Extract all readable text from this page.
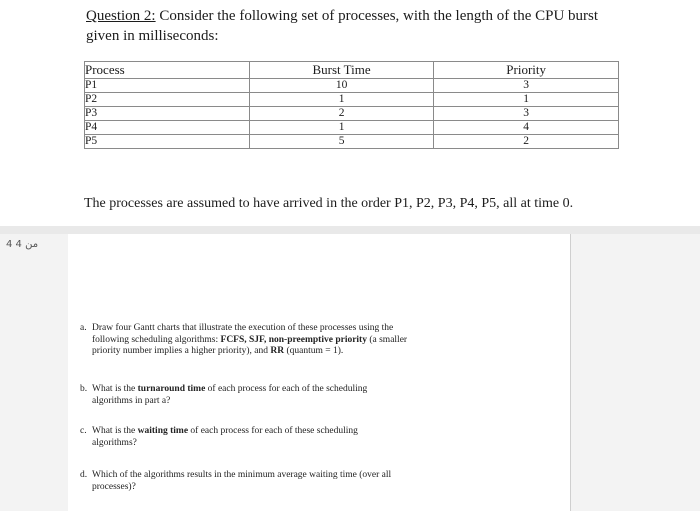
Question 2: Consider the following set of processes, with the length of the CPU burst
given in milliseconds:
Process	Burst Time	Priority
P1	10	3
P2	1	1
P3	2	3
P4	1	4
P5	5	2
The processes are assumed to have arrived in the order P1, P2, P3, P4, P5, all at time 0.
4 من 4
a. Draw four Gantt charts that illustrate the execution of these processes using the
following scheduling algorithms: FCFS, SJF, non-preemptive priority (a smaller
priority number implies a higher priority), and RR (quantum = 1).
b. What is the turnaround time of each process for each of the scheduling
algorithms in part a?
c. What is the waiting time of each process for each of these scheduling
algorithms?
d. Which of the algorithms results in the minimum average waiting time (over all
processes)?
